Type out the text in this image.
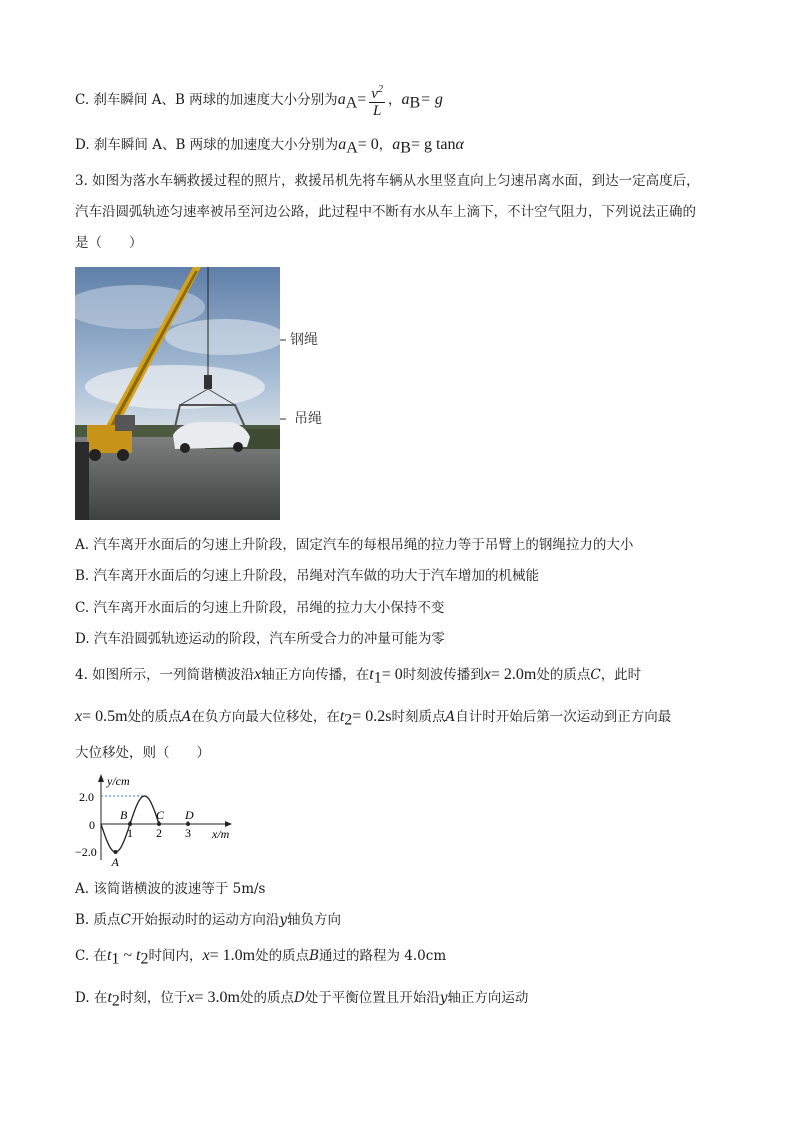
C. 刹车瞬间 A、B 两球的加速度大小分别为$a_A= \frac{v^2}{L}$ ，$a_B= g$
D. 刹车瞬间 A、B 两球的加速度大小分别为$a_A= 0$，$a_B= g$ tanα
3. 如图为落水车辆救援过程的照片，救援吊机先将车辆从水里竖直向上匀速吊离水面，到达一定高度后，
汽车沿圆弧轨迹匀速率被吊至河边公路，此过程中不断有水从车上滴下，不计空气阻力，下列说法正确的
是（　　）
钢绳
吊绳
A. 汽车离开水面后的匀速上升阶段，固定汽车的每根吊绳的拉力等于吊臂上的钢绳拉力的大小
B. 汽车离开水面后的匀速上升阶段，吊绳对汽车做的功大于汽车增加的机械能
C. 汽车离开水面后的匀速上升阶段，吊绳的拉力大小保持不变
D. 汽车沿圆弧轨迹运动的阶段，汽车所受合力的冲量可能为零
4. 如图所示，一列简谐横波沿x轴正方向传播，在$t_1= 0$时刻波传播到x= 2.0m处的质点C，此时
x= 0.5m处的质点A在负方向最大位移处，在$t_2= 0.2s$时刻质点A自计时开始后第一次运动到正方向最
大位移处，则（　　）
y/cm
x/m
2.0
−2.0
0
1 2 3
A
B C D
A. 该简谐横波的波速等于 5m/s
B. 质点C开始振动时的运动方向沿y轴负方向
C. 在$t_1$ ~ $t_2$时间内，x= 1.0m处的质点B通过的路程为 4.0cm
D. 在$t_2$时刻，位于x= 3.0m处的质点D处于平衡位置且开始沿y轴正方向运动
